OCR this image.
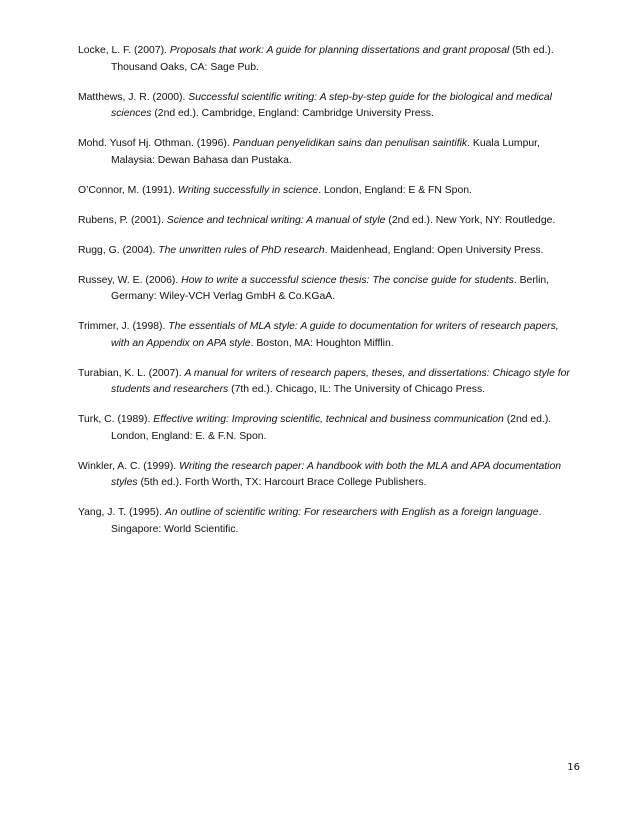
Locke, L. F. (2007). Proposals that work: A guide for planning dissertations and grant proposal (5th ed.). Thousand Oaks, CA: Sage Pub.

Matthews, J. R. (2000). Successful scientific writing: A step-by-step guide for the biological and medical sciences (2nd ed.). Cambridge, England: Cambridge University Press.

Mohd. Yusof Hj. Othman. (1996). Panduan penyelidikan sains dan penulisan saintifik. Kuala Lumpur, Malaysia: Dewan Bahasa dan Pustaka.

O’Connor, M. (1991). Writing successfully in science. London, England: E & FN Spon.

Rubens, P. (2001). Science and technical writing: A manual of style (2nd ed.). New York, NY: Routledge.

Rugg, G. (2004). The unwritten rules of PhD research. Maidenhead, England: Open University Press.

Russey, W. E. (2006). How to write a successful science thesis: The concise guide for students. Berlin, Germany: Wiley-VCH Verlag GmbH & Co.KGaA.

Trimmer, J. (1998). The essentials of MLA style: A guide to documentation for writers of research papers, with an Appendix on APA style. Boston, MA: Houghton Mifflin.

Turabian, K. L. (2007). A manual for writers of research papers, theses, and dissertations: Chicago style for students and researchers (7th ed.). Chicago, IL: The University of Chicago Press.

Turk, C. (1989). Effective writing: Improving scientific, technical and business communication (2nd ed.). London, England: E. & F.N. Spon.

Winkler, A. C. (1999). Writing the research paper: A handbook with both the MLA and APA documentation styles (5th ed.). Forth Worth, TX: Harcourt Brace College Publishers.

Yang, J. T. (1995). An outline of scientific writing: For researchers with English as a foreign language. Singapore: World Scientific.

16
